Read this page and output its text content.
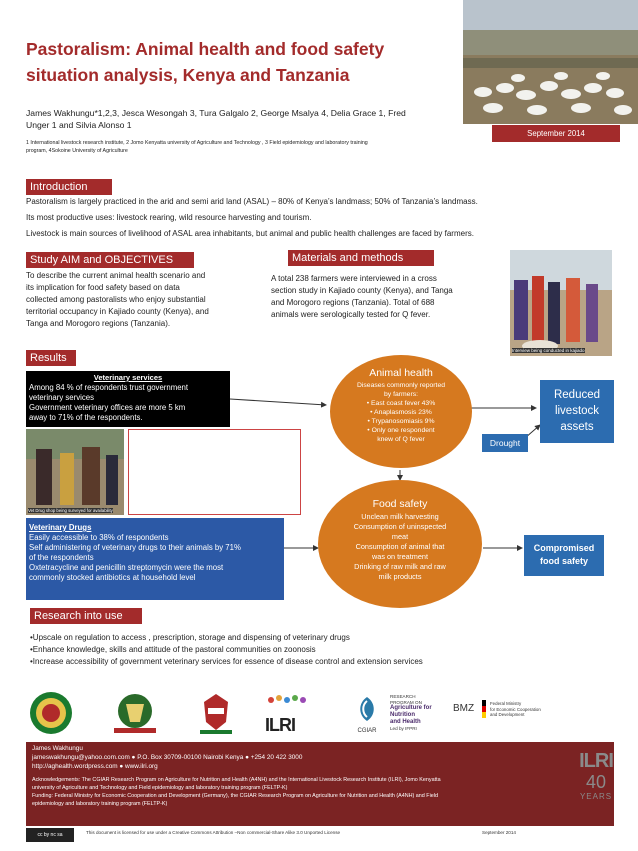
Pastoralism: Animal health and food safety
situation analysis, Kenya and Tanzania
James Wakhungu*1,2,3, Jesca Wesongah 3, Tura Galgalo 2, George Msalya 4, Delia Grace 1, Fred
Unger 1 and Silvia Alonso 1
1 International livestock research institute, 2 Jomo Kenyatta university of Agriculture and Technology , 3 Field epidemiology and laboratory training
program, 4Sokoine University of Agriculture
September 2014
Introduction
Pastoralism is largely practiced in the arid and semi arid land (ASAL) – 80% of Kenya’s landmass; 50% of Tanzania’s landmass.
Its most productive uses: livestock rearing, wild resource harvesting and tourism.
Livestock is main sources of livelihood of ASAL area inhabitants, but animal and public health challenges are faced by farmers.
Study AIM and OBJECTIVES
To describe the current animal health scenario and
its implication for food safety based on data
collected among pastoralists who enjoy substantial
territorial occupancy in Kajiado county (Kenya), and
Tanga and Morogoro regions (Tanzania).
Materials and methods
A total 238 farmers were interviewed in a cross
section study in Kajiado county (Kenya), and Tanga
and Morogoro regions (Tanzania). Total of 688
animals were serologically tested for Q fever.
Interview being conducted in kajiado
Results
Veterinary services
Among 84 % of respondents trust government
veterinary services
Government veterinary offices are more 5 km
away to 71% of the respondents.
Vet Drug shop being surveyed for availability
Veterinary Drugs
Easily accessible to 38% of respondents
Self administering of veterinary drugs to their animals by 71%
of the respondents
Oxtetracycline and penicillin streptomycin were the most
commonly stocked antibiotics at household level
Animal health
Diseases commonly reported
by farmers:
• East coast fever 43%
• Anaplasmosis 23%
• Trypanosomiasis 9%
• Only one respondent
knew of Q fever
Reduced
livestock
assets
Drought
Food safety
Unclean milk harvesting
Consumption of uninspected
meat
Consumption of animal that
was on treatment
Drinking of raw milk and raw
milk products
Compromised
food safety
Research into use
•Upscale on regulation to access , prescription, storage and dispensing of veterinary drugs
•Enhance knowledge, skills and attitude of the pastoral communities on zoonosis
•Increase accessibility of government veterinary services for essence of disease control and extension services
ILRI	CGIAR
RESEARCH
PROGRAM ON
Agriculture for
Nutrition
and Health
Led by IFPRI
BMZ	Federal Ministry
for Economic Cooperation
and Development
James Wakhungu
jameswakhungu@yahoo.com.com ● P.O. Box 30709-00100 Nairobi Kenya ● +254 20 422 3000
http://aghealth.wordpress.com ● www.ilri.org
Acknowledgements: The CGIAR Research Program on Agriculture for Nutrition and Health (A4NH) and the International Livestock Research Institute (ILRI), Jomo Kenyatta
university of Agriculture and Technology and Field epidemiology and laboratory training program (FELTP-K)
Funding: Federal Ministry for Economic Cooperation and Development (Germany), the CGIAR Research Program on Agriculture for Nutrition and Health (A4NH) and Field
epidemiology and laboratory training program (FELTP-K)
ILRI
40
YEARS
cc by nc sa	This document is licensed for use under a Creative Commons Attribution –Non commercial-Share Alike 3.0 Unported License	September 2014
